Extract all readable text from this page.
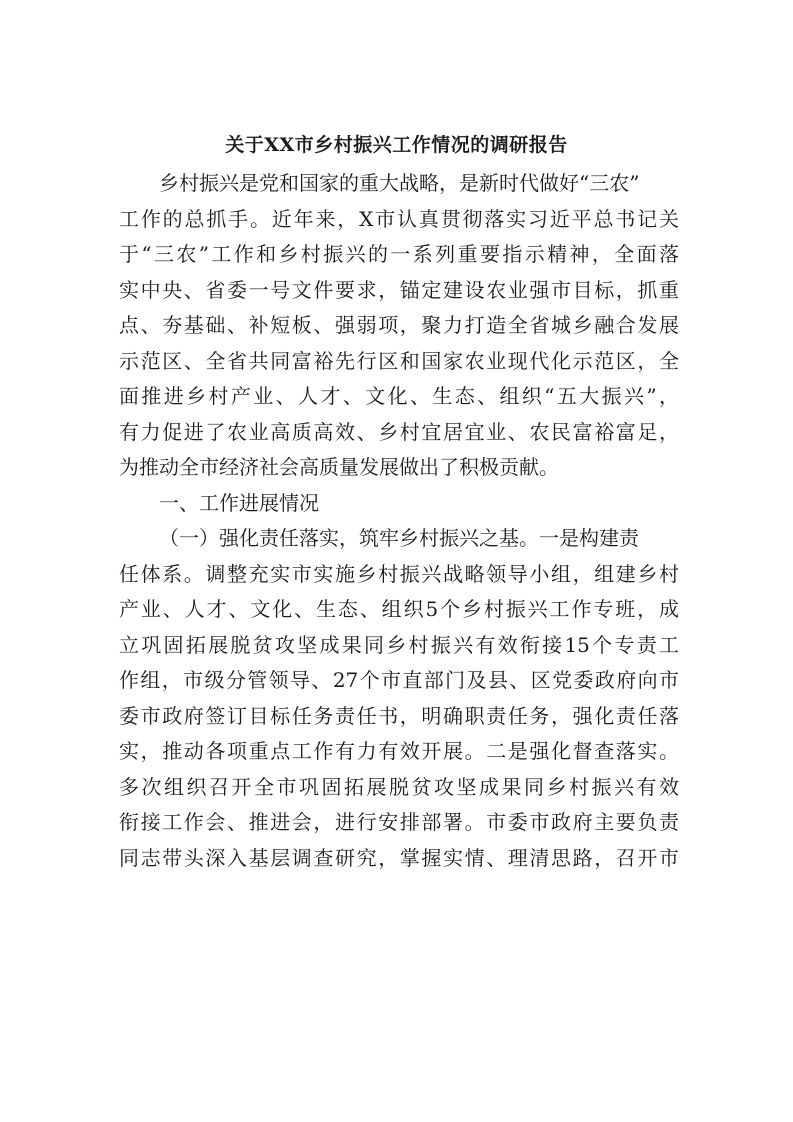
关于XX市乡村振兴工作情况的调研报告
乡村振兴是党和国家的重大战略，是新时代做好“三农”
工作的总抓手。近年来，X市认真贯彻落实习近平总书记关
于“三农”工作和乡村振兴的一系列重要指示精神，全面落
实中央、省委一号文件要求，锚定建设农业强市目标，抓重
点、夯基础、补短板、强弱项，聚力打造全省城乡融合发展
示范区、全省共同富裕先行区和国家农业现代化示范区，全
面推进乡村产业、人才、文化、生态、组织“五大振兴”，
有力促进了农业高质高效、乡村宜居宜业、农民富裕富足，
为推动全市经济社会高质量发展做出了积极贡献。
一、工作进展情况
（一）强化责任落实，筑牢乡村振兴之基。一是构建责
任体系。调整充实市实施乡村振兴战略领导小组，组建乡村
产业、人才、文化、生态、组织5个乡村振兴工作专班，成
立巩固拓展脱贫攻坚成果同乡村振兴有效衔接15个专责工
作组，市级分管领导、27个市直部门及县、区党委政府向市
委市政府签订目标任务责任书，明确职责任务，强化责任落
实，推动各项重点工作有力有效开展。二是强化督查落实。
多次组织召开全市巩固拓展脱贫攻坚成果同乡村振兴有效
衔接工作会、推进会，进行安排部署。市委市政府主要负责
同志带头深入基层调查研究，掌握实情、理清思路，召开市
